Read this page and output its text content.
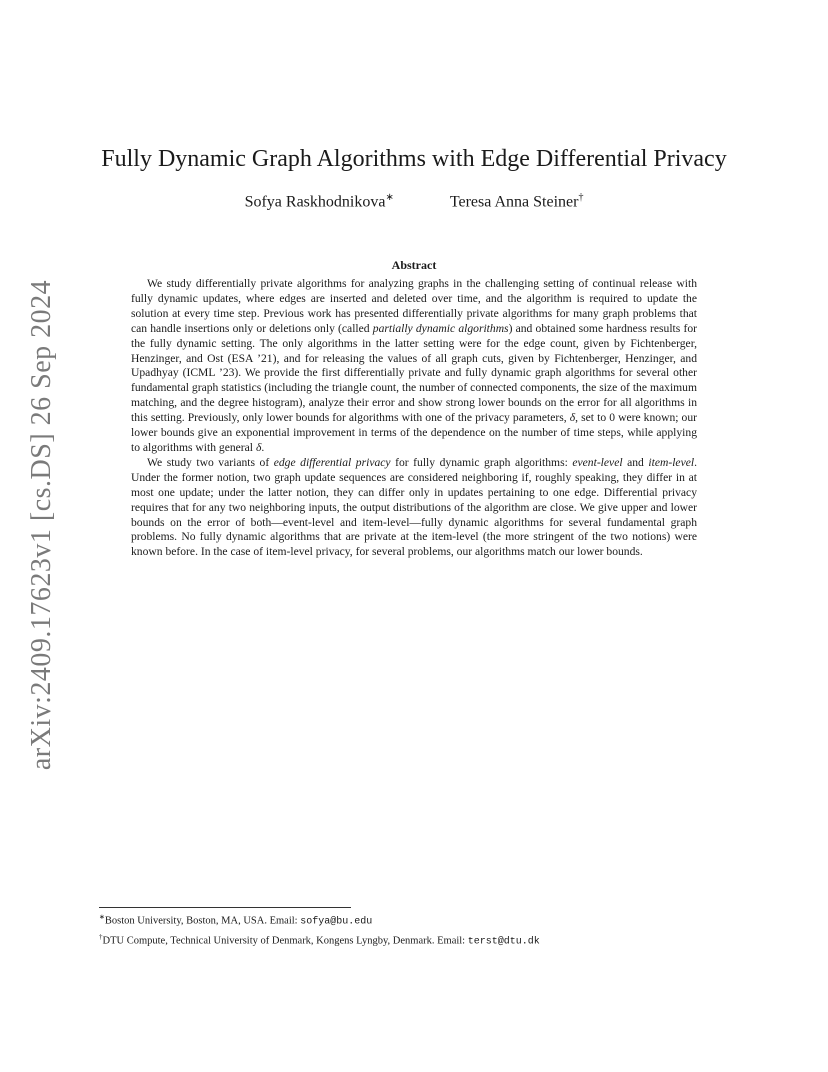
arXiv:2409.17623v1 [cs.DS] 26 Sep 2024
Fully Dynamic Graph Algorithms with Edge Differential Privacy
Sofya Raskhodnikova∗	Teresa Anna Steiner†
Abstract

We study differentially private algorithms for analyzing graphs in the challenging setting of continual release with fully dynamic updates, where edges are inserted and deleted over time, and the algorithm is required to update the solution at every time step. Previous work has presented differentially private algorithms for many graph problems that can handle insertions only or deletions only (called partially dynamic algorithms) and obtained some hardness results for the fully dynamic setting. The only algorithms in the latter setting were for the edge count, given by Fichtenberger, Henzinger, and Ost (ESA ’21), and for releasing the values of all graph cuts, given by Fichtenberger, Henzinger, and Upadhyay (ICML ’23). We provide the first differentially private and fully dynamic graph algorithms for several other fundamental graph statistics (including the triangle count, the number of connected components, the size of the maximum matching, and the degree histogram), analyze their error and show strong lower bounds on the error for all algorithms in this setting. Previously, only lower bounds for algorithms with one of the privacy parameters, δ, set to 0 were known; our lower bounds give an exponential improvement in terms of the dependence on the number of time steps, while applying to algorithms with general δ.

We study two variants of edge differential privacy for fully dynamic graph algorithms: event-level and item-level. Under the former notion, two graph update sequences are considered neighboring if, roughly speaking, they differ in at most one update; under the latter notion, they can differ only in updates pertaining to one edge. Differential privacy requires that for any two neighboring inputs, the output distributions of the algorithm are close. We give upper and lower bounds on the error of both—event-level and item-level—fully dynamic algorithms for several fundamental graph problems. No fully dynamic algorithms that are private at the item-level (the more stringent of the two notions) were known before. In the case of item-level privacy, for several problems, our algorithms match our lower bounds.

∗Boston University, Boston, MA, USA. Email: sofya@bu.edu
†DTU Compute, Technical University of Denmark, Kongens Lyngby, Denmark. Email: terst@dtu.dk
